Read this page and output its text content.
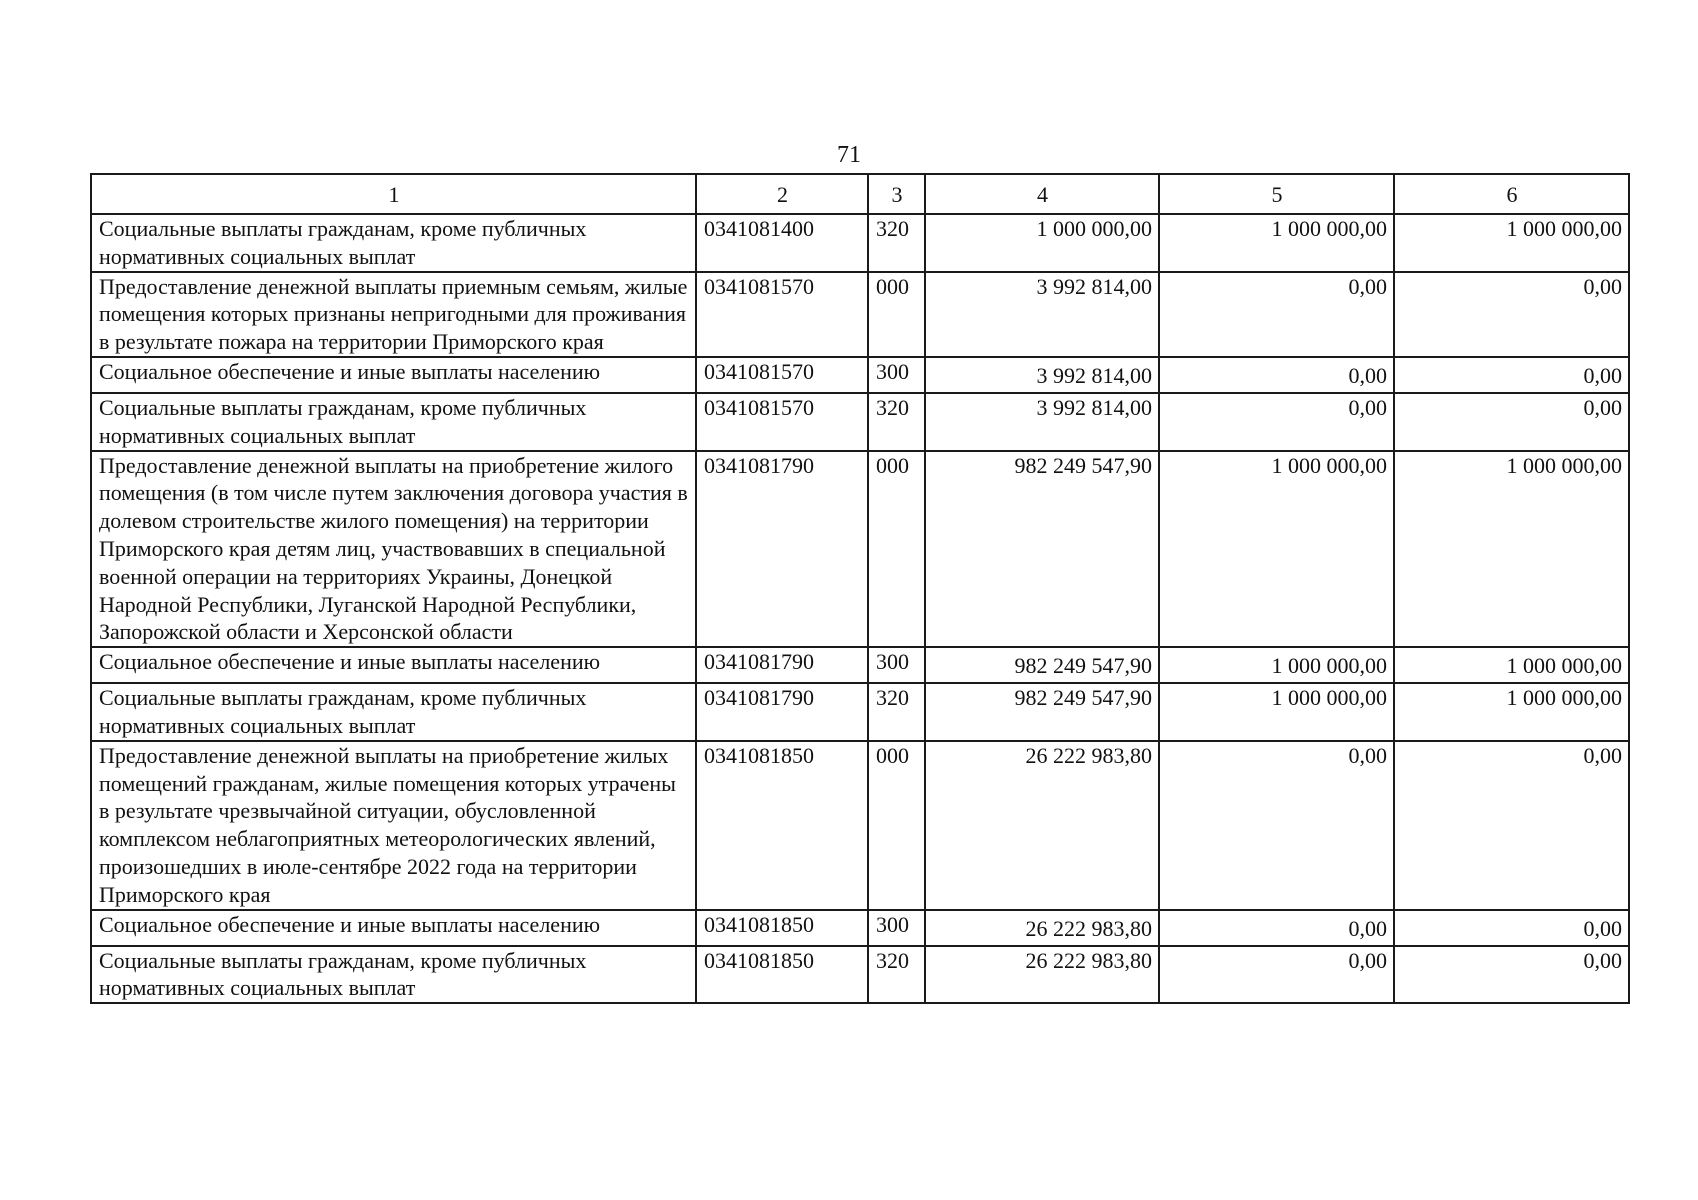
71
1	2	3	4	5	6
Социальные выплаты гражданам, кроме публичных нормативных социальных выплат	0341081400	320	1 000 000,00	1 000 000,00	1 000 000,00
Предоставление денежной выплаты приемным семьям, жилые помещения которых признаны непригодными для проживания в результате пожара на территории Приморского края	0341081570	000	3 992 814,00	0,00	0,00
Социальное обеспечение и иные выплаты населению	0341081570	300	3 992 814,00	0,00	0,00
Социальные выплаты гражданам, кроме публичных нормативных социальных выплат	0341081570	320	3 992 814,00	0,00	0,00
Предоставление денежной выплаты на приобретение жилого помещения (в том числе путем заключения договора участия в долевом строительстве жилого помещения) на территории Приморского края детям лиц, участвовавших в специальной военной операции на территориях Украины, Донецкой Народной Республики, Луганской Народной Республики, Запорожской области и Херсонской области	0341081790	000	982 249 547,90	1 000 000,00	1 000 000,00
Социальное обеспечение и иные выплаты населению	0341081790	300	982 249 547,90	1 000 000,00	1 000 000,00
Социальные выплаты гражданам, кроме публичных нормативных социальных выплат	0341081790	320	982 249 547,90	1 000 000,00	1 000 000,00
Предоставление денежной выплаты на приобретение жилых помещений гражданам, жилые помещения которых утрачены в результате чрезвычайной ситуации, обусловленной комплексом неблагоприятных метеорологических явлений, произошедших в июле-сентябре 2022 года на территории Приморского края	0341081850	000	26 222 983,80	0,00	0,00
Социальное обеспечение и иные выплаты населению	0341081850	300	26 222 983,80	0,00	0,00
Социальные выплаты гражданам, кроме публичных нормативных социальных выплат	0341081850	320	26 222 983,80	0,00	0,00
